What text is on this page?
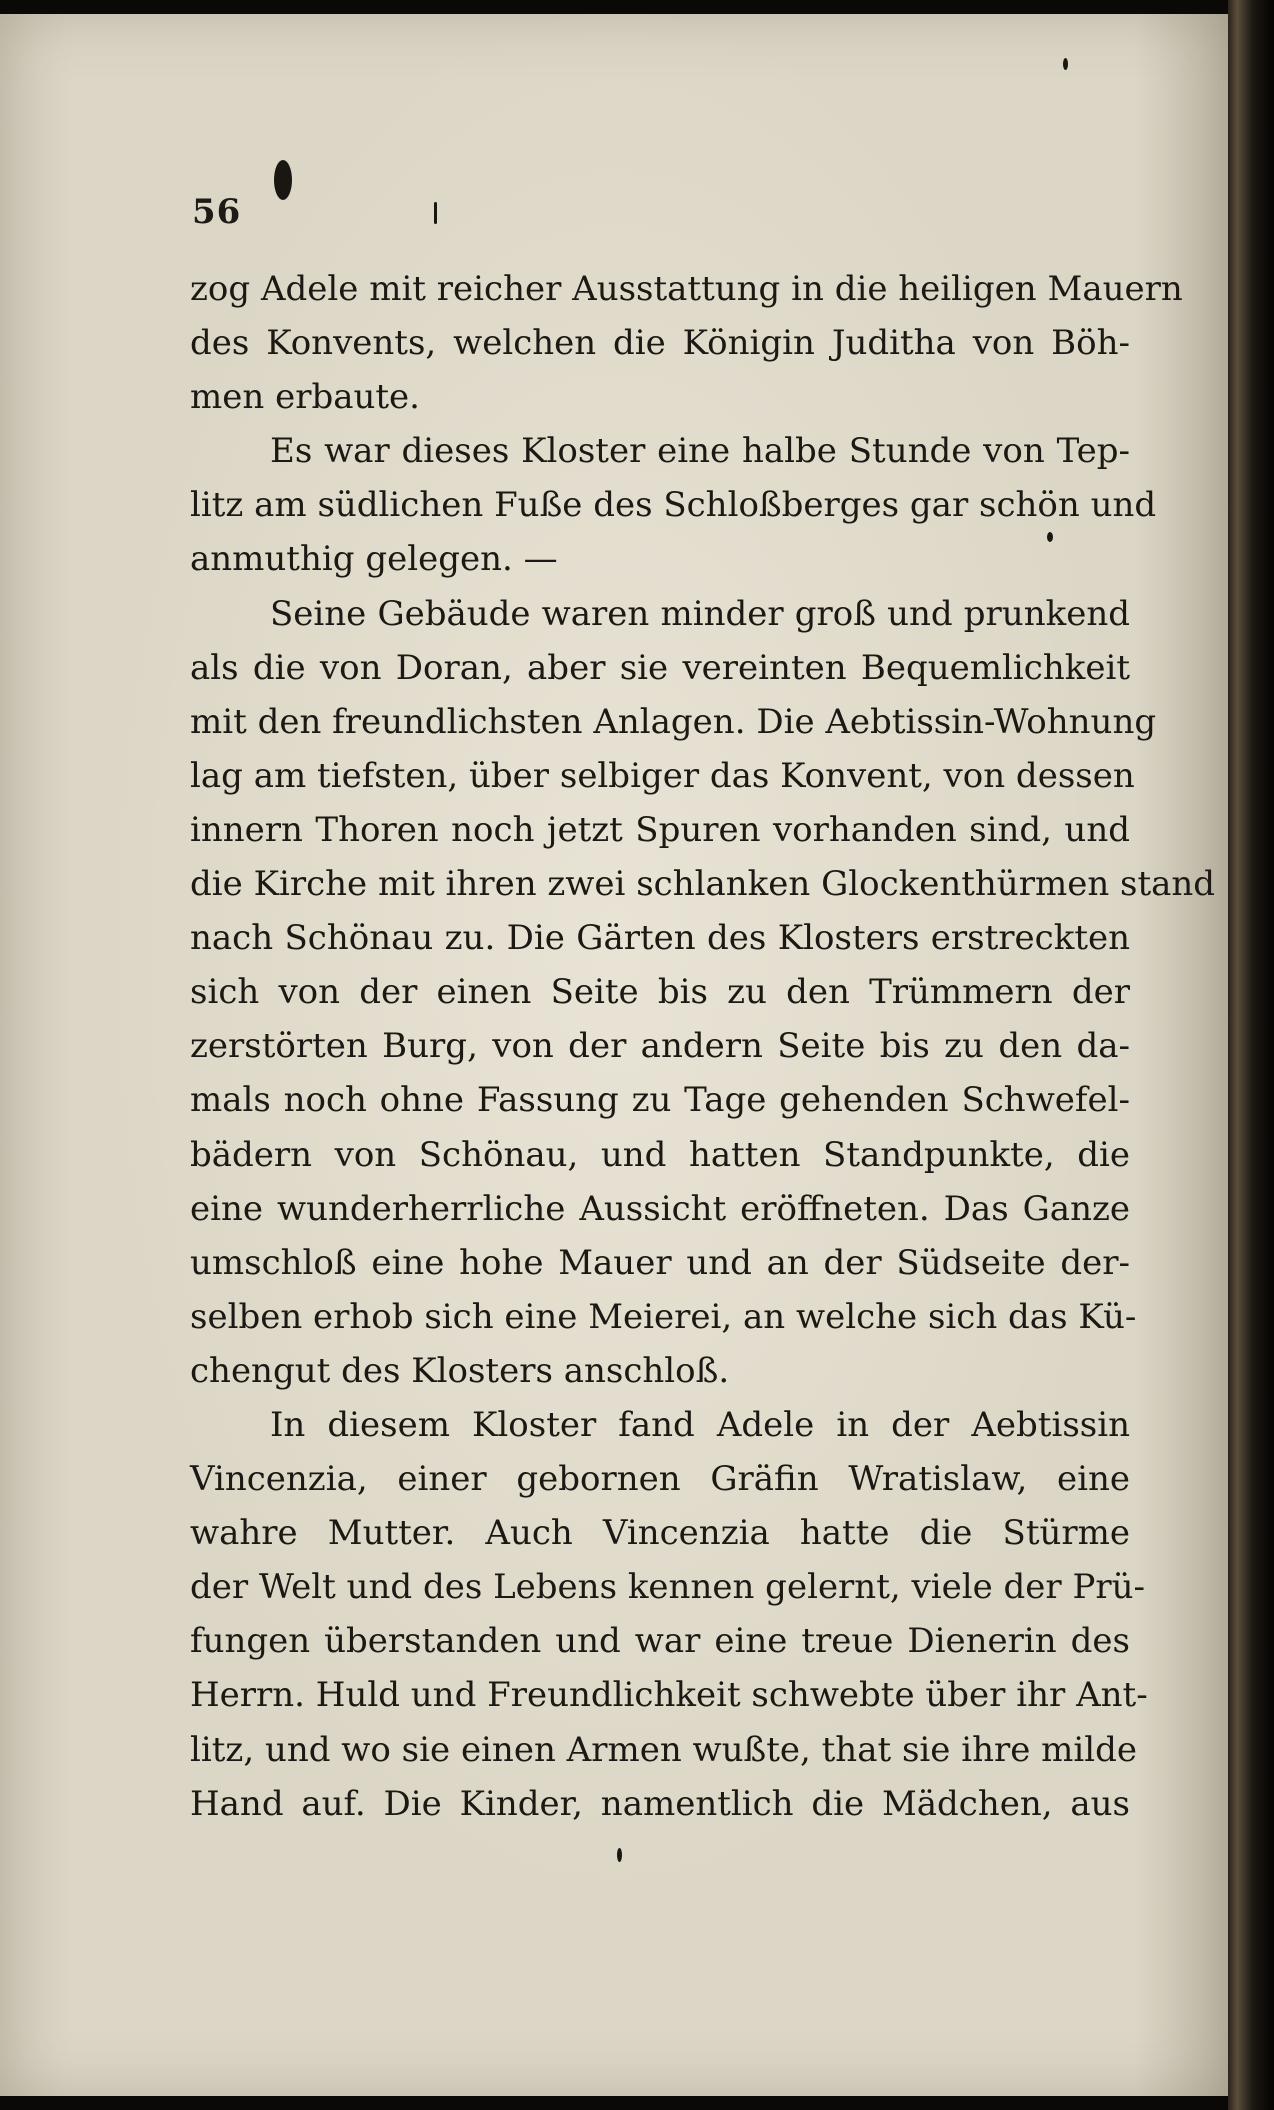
56
zog Adele mit reicher Ausstattung in die heiligen Mauern
des Konvents, welchen die Königin Juditha von Böh-
men erbaute.
Es war dieses Kloster eine halbe Stunde von Tep-
litz am südlichen Fuße des Schloßberges gar schön und
anmuthig gelegen. —
Seine Gebäude waren minder groß und prunkend
als die von Doran, aber sie vereinten Bequemlichkeit
mit den freundlichsten Anlagen. Die Aebtissin-Wohnung
lag am tiefsten, über selbiger das Konvent, von dessen
innern Thoren noch jetzt Spuren vorhanden sind, und
die Kirche mit ihren zwei schlanken Glockenthürmen stand
nach Schönau zu. Die Gärten des Klosters erstreckten
sich von der einen Seite bis zu den Trümmern der
zerstörten Burg, von der andern Seite bis zu den da-
mals noch ohne Fassung zu Tage gehenden Schwefel-
bädern von Schönau, und hatten Standpunkte, die
eine wunderherrliche Aussicht eröffneten. Das Ganze
umschloß eine hohe Mauer und an der Südseite der-
selben erhob sich eine Meierei, an welche sich das Kü-
chengut des Klosters anschloß.
In diesem Kloster fand Adele in der Aebtissin
Vincenzia, einer gebornen Gräfin Wratislaw, eine
wahre Mutter. Auch Vincenzia hatte die Stürme
der Welt und des Lebens kennen gelernt, viele der Prü-
fungen überstanden und war eine treue Dienerin des
Herrn. Huld und Freundlichkeit schwebte über ihr Ant-
litz, und wo sie einen Armen wußte, that sie ihre milde
Hand auf. Die Kinder, namentlich die Mädchen, aus
